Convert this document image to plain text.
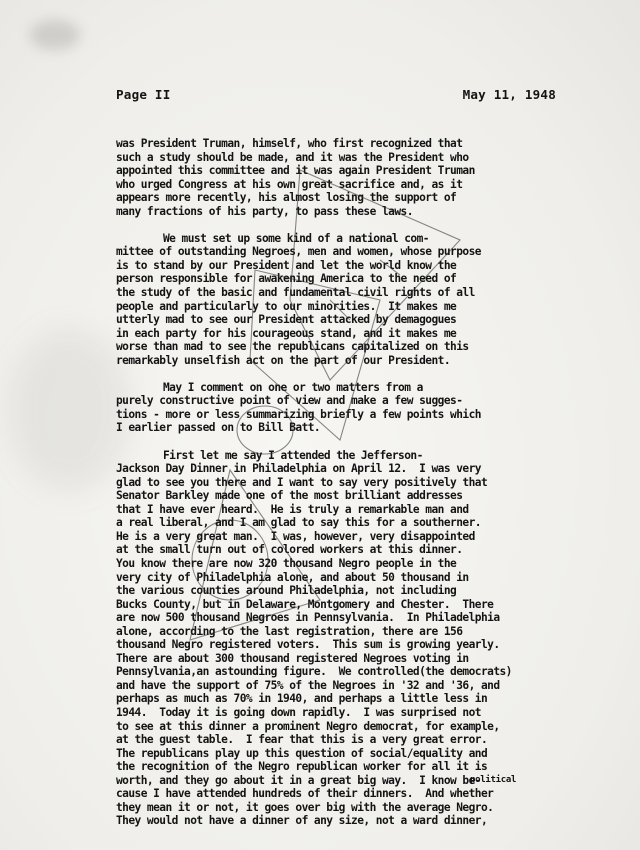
Page II	May 11, 1948
was President Truman, himself, who first recognized that
such a study should be made, and it was the President who
appointed this committee and it was again President Truman
who urged Congress at his own great sacrifice and, as it
appears more recently, his almost losing the support of
many fractions of his party, to pass these laws.
We must set up some kind of a national com-
mittee of outstanding Negroes, men and women, whose purpose
is to stand by our President and let the world know the
person responsible for awakening America to the need of
the study of the basic and fundamental civil rights of all
people and particularly to our minorities.  It makes me
utterly mad to see our President attacked by demagogues
in each party for his courageous stand, and it makes me
worse than mad to see the republicans capitalized on this
remarkably unselfish act on the part of our President.
May I comment on one or two matters from a
purely constructive point of view and make a few sugges-
tions - more or less summarizing briefly a few points which
I earlier passed on to Bill Batt.
First let me say I attended the Jefferson-
Jackson Day Dinner in Philadelphia on April 12.  I was very
glad to see you there and I want to say very positively that
Senator Barkley made one of the most brilliant addresses
that I have ever heard.  He is truly a remarkable man and
a real liberal, and I am glad to say this for a southerner.
He is a very great man.  I was, however, very disappointed
at the small turn out of colored workers at this dinner.
You know there are now 320 thousand Negro people in the
very city of Philadelphia alone, and about 50 thousand in
the various counties around Philadelphia, not including
Bucks County, but in Delaware, Montgomery and Chester.  There
are now 500 thousand Negroes in Pennsylvania.  In Philadelphia
alone, according to the last registration, there are 156
thousand Negro registered voters.  This sum is growing yearly.
There are about 300 thousand registered Negroes voting in
Pennsylvania,an astounding figure.  We controlled(the democrats)
and have the support of 75% of the Negroes in '32 and '36, and
perhaps as much as 70% in 1940, and perhaps a little less in
1944.  Today it is going down rapidly.  I was surprised not
to see at this dinner a prominent Negro democrat, for example,
at the guest table.  I fear that this is a very great error.
The republicans play up this question of social/equality and
the recognition of the Negro republican worker for all it is
worth, and they go about it in a great big way.  I know be-
cause I have attended hundreds of their dinners.  And whether
they mean it or not, it goes over big with the average Negro.
They would not have a dinner of any size, not a ward dinner,
political
